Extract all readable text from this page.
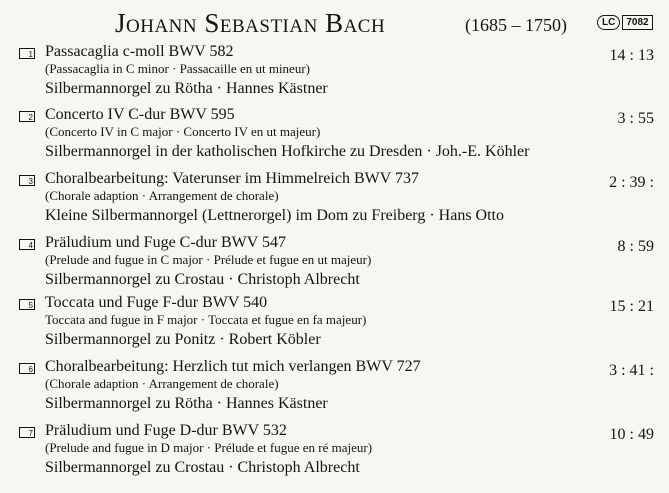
Johann Sebastian Bach	(1685 – 1750)	LC	7082
1 Passacaglia c-moll BWV 582
(Passacaglia in C minor · Passacaille en ut mineur)
Silbermannorgel zu Rötha · Hannes Kästner
14 : 13
2 Concerto IV C-dur BWV 595
(Concerto IV in C major · Concerto IV en ut majeur)
Silbermannorgel in der katholischen Hofkirche zu Dresden · Joh.-E. Köhler
3 : 55
3 Choralbearbeitung: Vaterunser im Himmelreich BWV 737
(Chorale adaption · Arrangement de chorale)
Kleine Silbermannorgel (Lettnerorgel) im Dom zu Freiberg · Hans Otto
2 : 39 :
4 Präludium und Fuge C-dur BWV 547
(Prelude and fugue in C major · Prélude et fugue en ut majeur)
Silbermannorgel zu Crostau · Christoph Albrecht
8 : 59
5 Toccata und Fuge F-dur BWV 540
Toccata and fugue in F major · Toccata et fugue en fa majeur)
Silbermannorgel zu Ponitz · Robert Köbler
15 : 21
6 Choralbearbeitung: Herzlich tut mich verlangen BWV 727
(Chorale adaption · Arrangement de chorale)
Silbermannorgel zu Rötha · Hannes Kästner
3 : 41 :
7 Präludium und Fuge D-dur BWV 532
(Prelude and fugue in D major · Prélude et fugue en ré majeur)
Silbermannorgel zu Crostau · Christoph Albrecht
10 : 49
